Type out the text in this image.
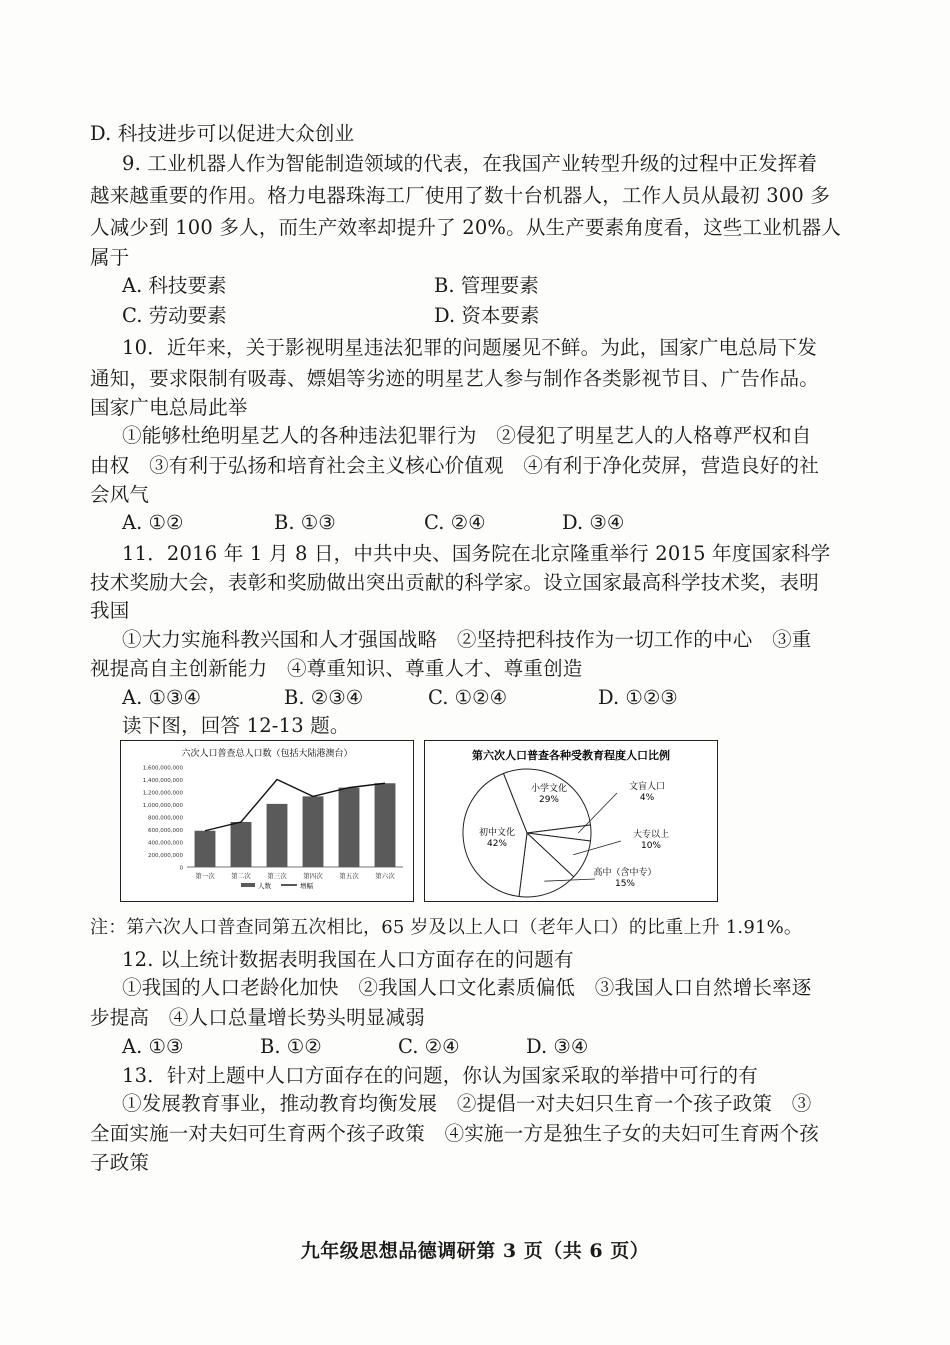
D. 科技进步可以促进大众创业
9. 工业机器人作为智能制造领域的代表，在我国产业转型升级的过程中正发挥着
越来越重要的作用。格力电器珠海工厂使用了数十台机器人，工作人员从最初 300 多
人减少到 100 多人，而生产效率却提升了 20%。从生产要素角度看，这些工业机器人
属于
A. 科技要素	B. 管理要素
C. 劳动要素	D. 资本要素
10．近年来，关于影视明星违法犯罪的问题屡见不鲜。为此，国家广电总局下发
通知，要求限制有吸毒、嫖娼等劣迹的明星艺人参与制作各类影视节目、广告作品。
国家广电总局此举
①能够杜绝明星艺人的各种违法犯罪行为　②侵犯了明星艺人的人格尊严权和自
由权　③有利于弘扬和培育社会主义核心价值观　④有利于净化荧屏，营造良好的社
会风气
A. ①②	B. ①③	C. ②④	D. ③④
11．2016 年 1 月 8 日，中共中央、国务院在北京隆重举行 2015 年度国家科学
技术奖励大会，表彰和奖励做出突出贡献的科学家。设立国家最高科学技术奖，表明
我国
①大力实施科教兴国和人才强国战略　②坚持把科技作为一切工作的中心　③重
视提高自主创新能力　④尊重知识、尊重人才、尊重创造
A. ①③④	B. ②③④	C. ①②④	D. ①②③
读下图，回答 12-13 题。
六次人口普查总人口数（包括大陆港澳台）
1,600,000,000
1,400,000,000
1,200,000,000
1,000,000,000
800,000,000
600,000,000
400,000,000
200,000,000
0
第一次	第二次	第三次	第四次	第五次	第六次
人数	增幅
第六次人口普查各种受教育程度人口比例
小学文化
29%
初中文化
42%
文盲人口
4%
大专以上
10%
高中（含中专）
15%
注：第六次人口普查同第五次相比，65 岁及以上人口（老年人口）的比重上升 1.91%。
12. 以上统计数据表明我国在人口方面存在的问题有
①我国的人口老龄化加快　②我国人口文化素质偏低　③我国人口自然增长率逐
步提高　④人口总量增长势头明显减弱
A. ①③	B. ①②	C. ②④	D. ③④
13．针对上题中人口方面存在的问题，你认为国家采取的举措中可行的有
①发展教育事业，推动教育均衡发展　②提倡一对夫妇只生育一个孩子政策　③
全面实施一对夫妇可生育两个孩子政策　④实施一方是独生子女的夫妇可生育两个孩
子政策
九年级思想品德调研第 3 页（共 6 页）
